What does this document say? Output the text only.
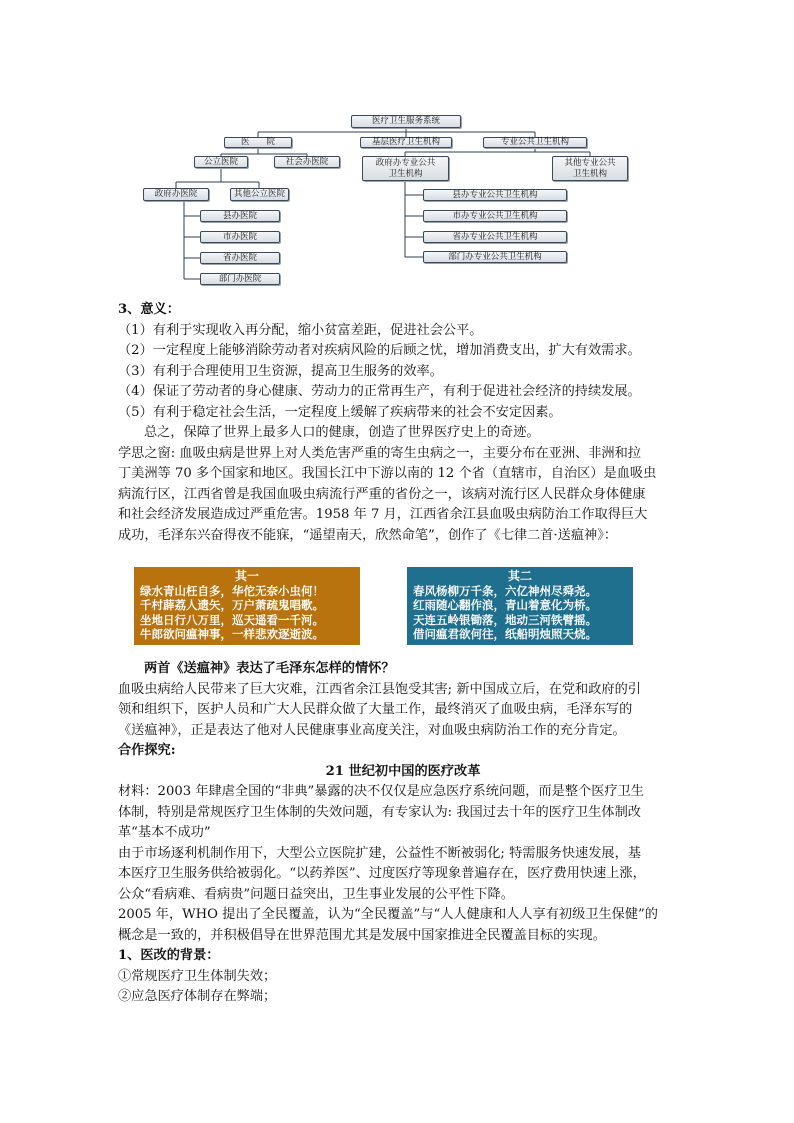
医疗卫生服务系统
医　　院	基层医疗卫生机构	专业公共卫生机构
公立医院	社会办医院	政府办专业公共卫生机构
其他专业公共卫生机构
政府办医院	其他公立医院
县办医院
市办医院
省办医院
部门办医院
县办专业公共卫生机构
市办专业公共卫生机构
省办专业公共卫生机构
部门办专业公共卫生机构

3、意义：

（1）有利于实现收入再分配，缩小贫富差距，促进社会公平。

（2）一定程度上能够消除劳动者对疾病风险的后顾之忧，增加消费支出，扩大有效需求。

（3）有利于合理使用卫生资源，提高卫生服务的效率。

（4）保证了劳动者的身心健康、劳动力的正常再生产，有利于促进社会经济的持续发展。

（5）有利于稳定社会生活，一定程度上缓解了疾病带来的社会不安定因素。

总之，保障了世界上最多人口的健康，创造了世界医疗史上的奇迹。

学思之窗: 血吸虫病是世界上对人类危害严重的寄生虫病之一，主要分布在亚洲、非洲和拉

丁美洲等 70 多个国家和地区。我国长江中下游以南的 12 个省（直辖市，自治区）是血吸虫

病流行区，江西省曾是我国血吸虫病流行严重的省份之一，该病对流行区人民群众身体健康

和社会经济发展造成过严重危害。1958 年 7 月，江西省余江县血吸虫病防治工作取得巨大

成功，毛泽东兴奋得夜不能寐，“遥望南天，欣然命笔”，创作了《七律二首·送瘟神》：

其一

绿水青山枉自多，华佗无奈小虫何！

千村薜荔人遗矢，万户萧疏鬼唱歌。

坐地日行八万里，巡天遥看一千河。

牛郎欲问瘟神事，一样悲欢逐逝波。

其二

春风杨柳万千条，六亿神州尽舜尧。

红雨随心翻作浪，青山着意化为桥。

天连五岭银锄落，地动三河铁臂摇。

借问瘟君欲何往，纸船明烛照天烧。

两首《送瘟神》表达了毛泽东怎样的情怀？

血吸虫病给人民带来了巨大灾难，江西省余江县饱受其害; 新中国成立后，在党和政府的引

领和组织下，医护人员和广大人民群众做了大量工作，最终消灭了血吸虫病，毛泽东写的

《送瘟神》，正是表达了他对人民健康事业高度关注，对血吸虫病防治工作的充分肯定。

合作探究:

21 世纪初中国的医疗改革

材料：2003 年肆虐全国的“非典”暴露的决不仅仅是应急医疗系统问题，而是整个医疗卫生

体制，特别是常规医疗卫生体制的失效问题，有专家认为: 我国过去十年的医疗卫生体制改

革“基本不成功”

由于市场逐利机制作用下，大型公立医院扩建，公益性不断被弱化; 特需服务快速发展，基

本医疗卫生服务供给被弱化。“以药养医”、过度医疗等现象普遍存在，医疗费用快速上涨，

公众“看病难、看病贵”问题日益突出，卫生事业发展的公平性下降。

2005 年，WHO 提出了全民覆盖，认为“全民覆盖”与“人人健康和人人享有初级卫生保健”的

概念是一致的，并积极倡导在世界范围尤其是发展中国家推进全民覆盖目标的实现。

1、医改的背景：

①常规医疗卫生体制失效；

②应急医疗体制存在弊端；
